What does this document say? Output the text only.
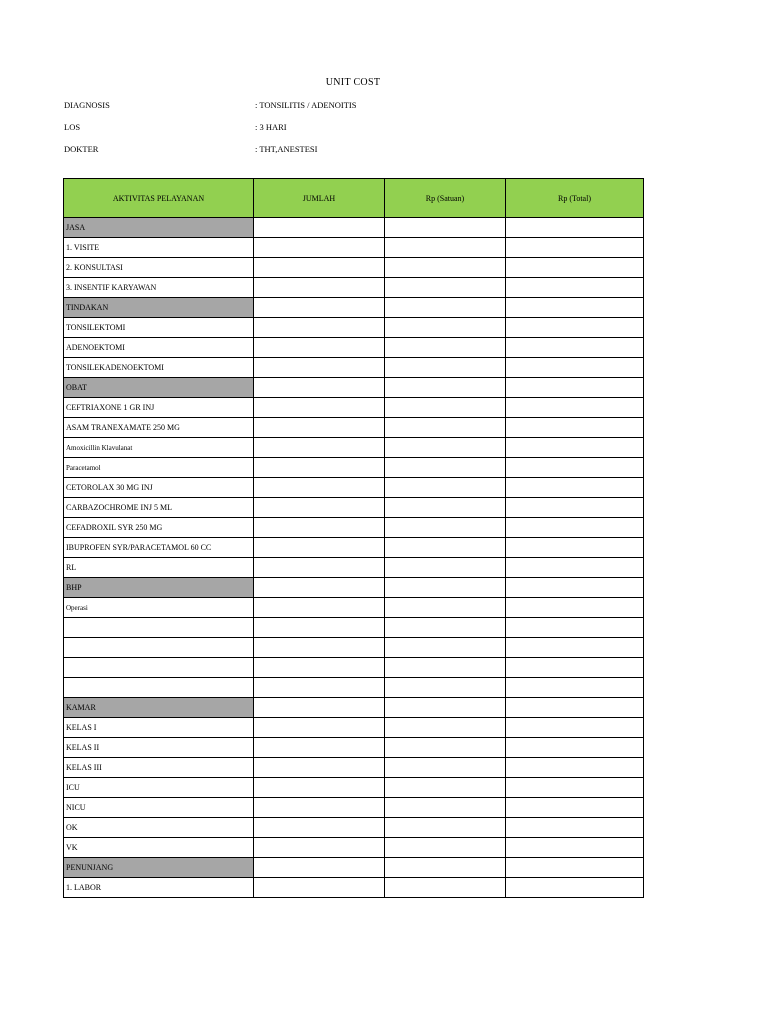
UNIT COST
DIAGNOSIS	: TONSILITIS / ADENOITIS
LOS	: 3 HARI
DOKTER	: THT,ANESTESI
AKTIVITAS PELAYANAN	JUMLAH	Rp (Satuan)	Rp (Total)
JASA			
1. VISITE			
2. KONSULTASI			
3. INSENTIF KARYAWAN			
TINDAKAN			
TONSILEKTOMI			
ADENOEKTOMI			
TONSILEKADENOEKTOMI			
OBAT			
CEFTRIAXONE 1 GR INJ			
ASAM TRANEXAMATE 250 MG			
Amoxicillin Klavulanat			
Paracetamol			
CETOROLAX 30 MG INJ			
CARBAZOCHROME INJ 5 ML			
CEFADROXIL SYR 250 MG			
IBUPROFEN SYR/PARACETAMOL 60 CC			
RL			
BHP			
Operasi			

KAMAR			
KELAS I			
KELAS II			
KELAS III			
ICU			
NICU			
OK			
VK			
PENUNJANG			
1. LABOR			
